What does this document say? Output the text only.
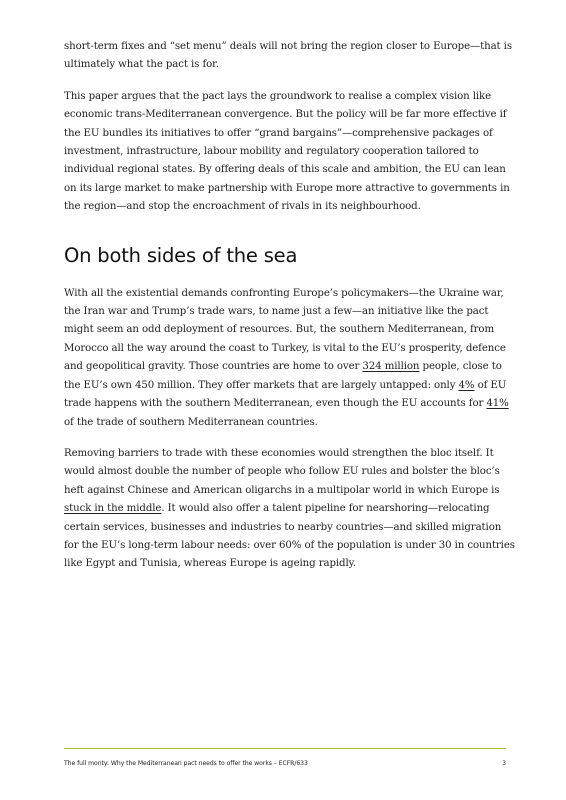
short-term fixes and “set menu” deals will not bring the region closer to Europe—that is ultimately what the pact is for.

This paper argues that the pact lays the groundwork to realise a complex vision like economic trans-Mediterranean convergence. But the policy will be far more effective if the EU bundles its initiatives to offer “grand bargains”—comprehensive packages of investment, infrastructure, labour mobility and regulatory cooperation tailored to individual regional states. By offering deals of this scale and ambition, the EU can lean on its large market to make partnership with Europe more attractive to governments in the region—and stop the encroachment of rivals in its neighbourhood.

On both sides of the sea

With all the existential demands confronting Europe’s policymakers—the Ukraine war, the Iran war and Trump’s trade wars, to name just a few—an initiative like the pact might seem an odd deployment of resources. But, the southern Mediterranean, from Morocco all the way around the coast to Turkey, is vital to the EU’s prosperity, defence and geopolitical gravity. Those countries are home to over 324 million people, close to the EU’s own 450 million. They offer markets that are largely untapped: only 4% of EU trade happens with the southern Mediterranean, even though the EU accounts for 41% of the trade of southern Mediterranean countries.

Removing barriers to trade with these economies would strengthen the bloc itself. It would almost double the number of people who follow EU rules and bolster the bloc’s heft against Chinese and American oligarchs in a multipolar world in which Europe is stuck in the middle. It would also offer a talent pipeline for nearshoring—relocating certain services, businesses and industries to nearby countries—and skilled migration for the EU’s long-term labour needs: over 60% of the population is under 30 in countries like Egypt and Tunisia, whereas Europe is ageing rapidly.

The full monty: Why the Mediterranean pact needs to offer the works – ECFR/633	3
